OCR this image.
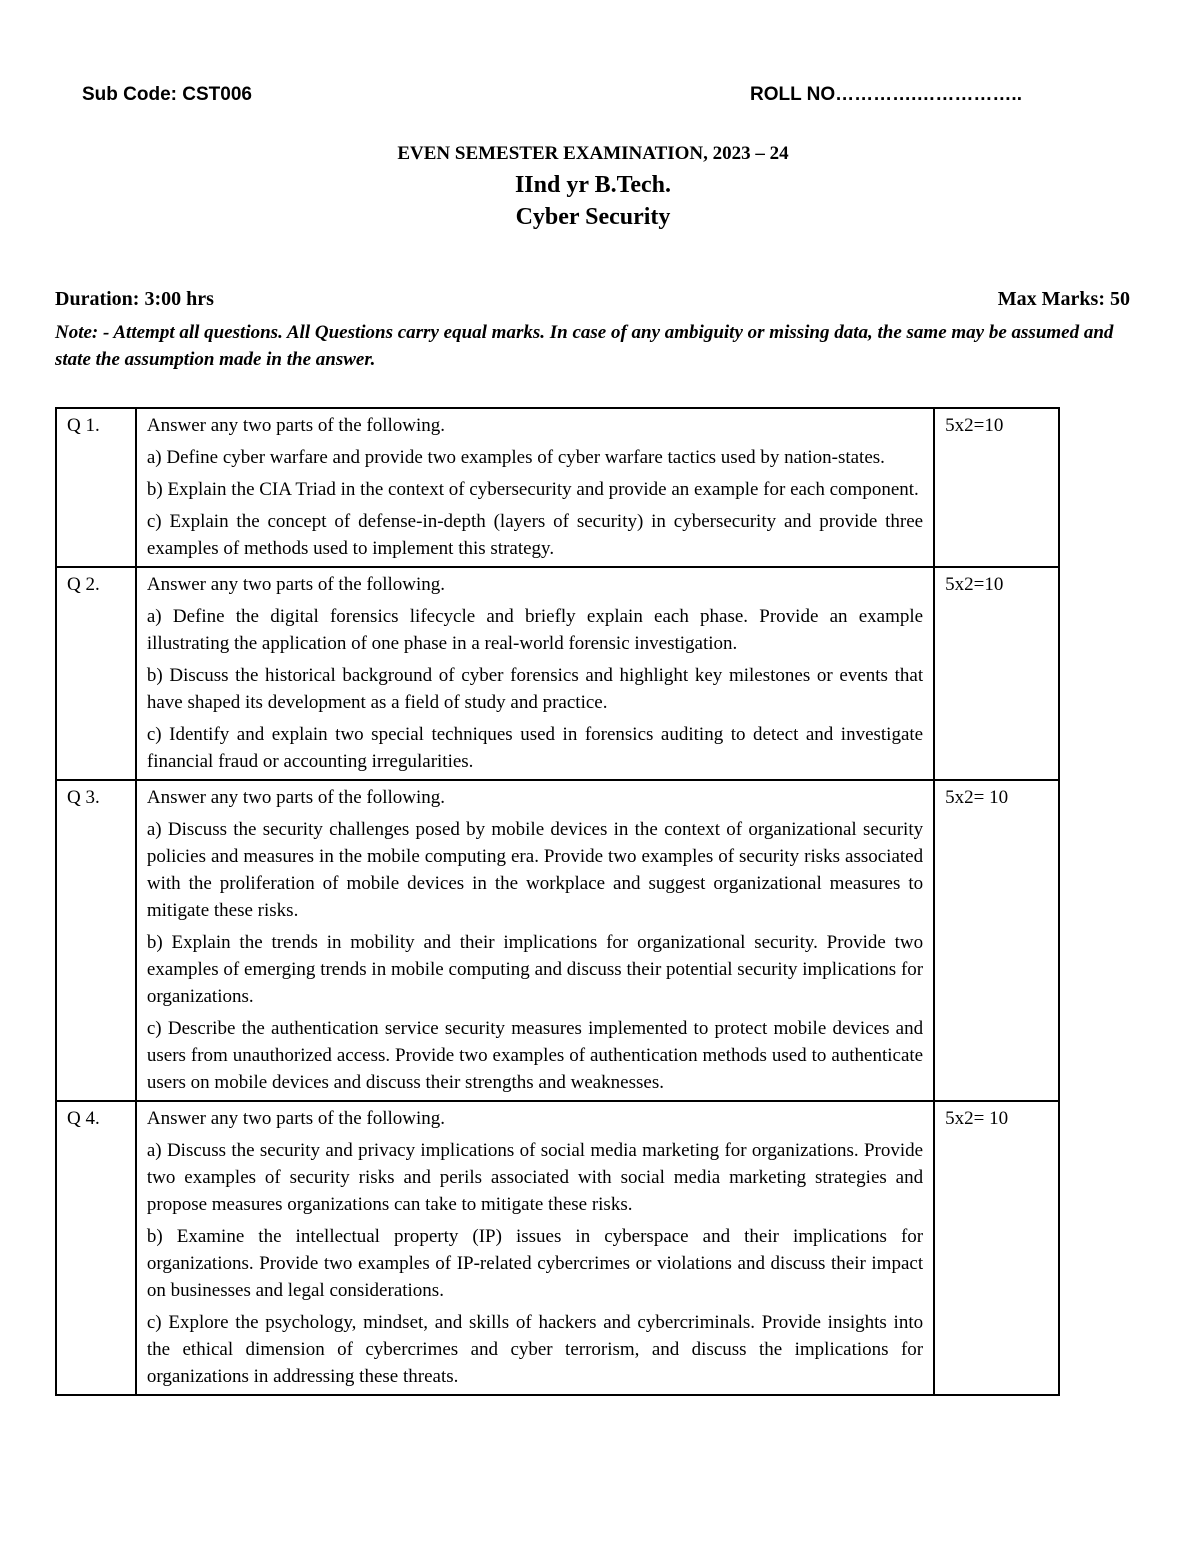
Sub Code: CST006	ROLL NO………….……………..
EVEN SEMESTER EXAMINATION, 2023 – 24
IInd yr B.Tech.
Cyber Security
Duration: 3:00 hrs	Max Marks: 50
Note: - Attempt all questions. All Questions carry equal marks. In case of any ambiguity or missing data, the same may be assumed and state the assumption made in the answer.
Q 1.	Answer any two parts of the following.

a) Define cyber warfare and provide two examples of cyber warfare tactics used by nation-states.

b) Explain the CIA Triad in the context of cybersecurity and provide an example for each component.

c) Explain the concept of defense-in-depth (layers of security) in cybersecurity and provide three examples of methods used to implement this strategy.	5x2=10
Q 2.	Answer any two parts of the following.

a) Define the digital forensics lifecycle and briefly explain each phase. Provide an example illustrating the application of one phase in a real-world forensic investigation.

b) Discuss the historical background of cyber forensics and highlight key milestones or events that have shaped its development as a field of study and practice.

c) Identify and explain two special techniques used in forensics auditing to detect and investigate financial fraud or accounting irregularities.	5x2=10
Q 3.	Answer any two parts of the following.

a) Discuss the security challenges posed by mobile devices in the context of organizational security policies and measures in the mobile computing era. Provide two examples of security risks associated with the proliferation of mobile devices in the workplace and suggest organizational measures to mitigate these risks.

b) Explain the trends in mobility and their implications for organizational security. Provide two examples of emerging trends in mobile computing and discuss their potential security implications for organizations.

c) Describe the authentication service security measures implemented to protect mobile devices and users from unauthorized access. Provide two examples of authentication methods used to authenticate users on mobile devices and discuss their strengths and weaknesses.	5x2= 10
Q 4.	Answer any two parts of the following.

a) Discuss the security and privacy implications of social media marketing for organizations. Provide two examples of security risks and perils associated with social media marketing strategies and propose measures organizations can take to mitigate these risks.

b) Examine the intellectual property (IP) issues in cyberspace and their implications for organizations. Provide two examples of IP-related cybercrimes or violations and discuss their impact on businesses and legal considerations.

c) Explore the psychology, mindset, and skills of hackers and cybercriminals. Provide insights into the ethical dimension of cybercrimes and cyber terrorism, and discuss the implications for organizations in addressing these threats.	5x2= 10
